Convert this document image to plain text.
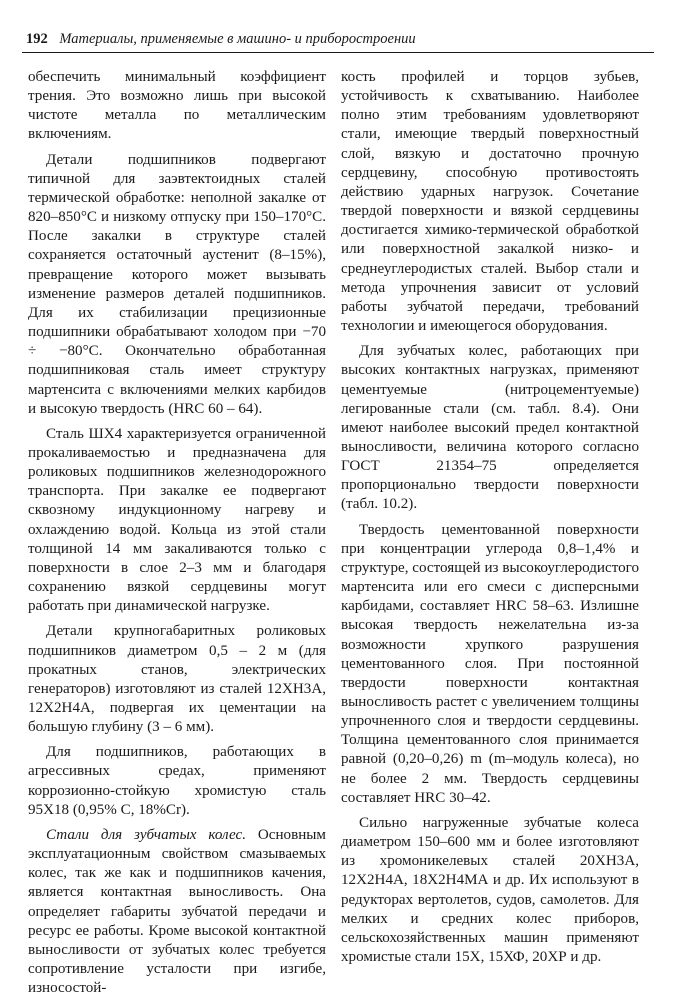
192 Материалы, применяемые в машино- и приборостроении

обеспечить минимальный коэффициент трения. Это возможно лишь при высокой чистоте металла по металлическим включениям.

Детали подшипников подвергают типичной для заэвтектоидных сталей термической обработке: неполной закалке от 820–850°С и низкому отпуску при 150–170°С. После закалки в структуре сталей сохраняется остаточный аустенит (8–15%), превращение которого может вызывать изменение размеров деталей подшипников. Для их стабилизации прецизионные подшипники обрабатывают холодом при −70 ÷ −80°С. Окончательно обработанная подшипниковая сталь имеет структуру мартенсита с включениями мелких карбидов и высокую твердость (HRC 60 – 64).

Сталь ШХ4 характеризуется ограниченной прокаливаемостью и предназначена для роликовых подшипников железнодорожного транспорта. При закалке ее подвергают сквозному индукционному нагреву и охлаждению водой. Кольца из этой стали толщиной 14 мм закаливаются только с поверхности в слое 2–3 мм и благодаря сохранению вязкой сердцевины могут работать при динамической нагрузке.

Детали крупногабаритных роликовых подшипников диаметром 0,5 – 2 м (для прокатных станов, электрических генераторов) изготовляют из сталей 12ХН3А, 12Х2Н4А, подвергая их цементации на большую глубину (3 – 6 мм).

Для подшипников, работающих в агрессивных средах, применяют коррозионно-стойкую хромистую сталь 95Х18 (0,95% С, 18%Cr).

Стали для зубчатых колес. Основным эксплуатационным свойством смазываемых колес, так же как и подшипников качения, является контактная выносливость. Она определяет габариты зубчатой передачи и ресурс ее работы. Кроме высокой контактной выносливости от зубчатых колес требуется сопротивление усталости при изгибе, износостой-

кость профилей и торцов зубьев, устойчивость к схватыванию. Наиболее полно этим требованиям удовлетворяют стали, имеющие твердый поверхностный слой, вязкую и достаточно прочную сердцевину, способную противостоять действию ударных нагрузок. Сочетание твердой поверхности и вязкой сердцевины достигается химико-термической обработкой или поверхностной закалкой низко- и среднеуглеродистых сталей. Выбор стали и метода упрочнения зависит от условий работы зубчатой передачи, требований технологии и имеющегося оборудования.

Для зубчатых колес, работающих при высоких контактных нагрузках, применяют цементуемые (нитроцементуемые) легированные стали (см. табл. 8.4). Они имеют наиболее высокий предел контактной выносливости, величина которого согласно ГОСТ 21354–75 определяется пропорционально твердости поверхности (табл. 10.2).

Твердость цементованной поверхности при концентрации углерода 0,8–1,4% и структуре, состоящей из высокоуглеродистого мартенсита или его смеси с дисперсными карбидами, составляет HRC 58–63. Излишне высокая твердость нежелательна из-за возможности хрупкого разрушения цементованного слоя. При постоянной твердости поверхности контактная выносливость растет с увеличением толщины упрочненного слоя и твердости сердцевины. Толщина цементованного слоя принимается равной (0,20–0,26) m (m–модуль колеса), но не более 2 мм. Твердость сердцевины составляет HRC 30–42.

Сильно нагруженные зубчатые колеса диаметром 150–600 мм и более изготовляют из хромоникелевых сталей 20ХН3А, 12Х2Н4А, 18Х2Н4МА и др. Их используют в редукторах вертолетов, судов, самолетов. Для мелких и средних колес приборов, сельскохозяйственных машин применяют хромистые стали 15Х, 15ХФ, 20ХР и др.
